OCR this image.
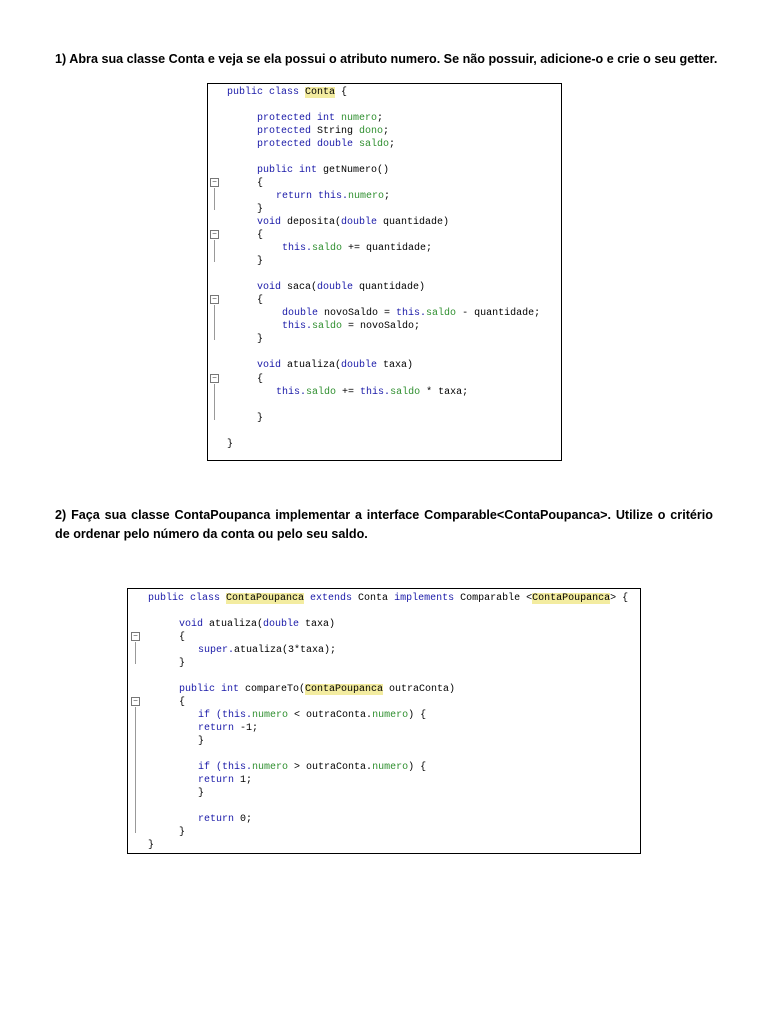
1) Abra sua classe Conta e veja se ela possui o atributo numero. Se não possuir, adicione-o e crie o seu getter.

public class Conta {
protected int numero;
protected String dono;
protected double saldo;
public int getNumero()
−	{
return this.numero;
}
void deposita(double quantidade)
−	{
this.saldo += quantidade;
}
void saca(double quantidade)
−	{
double novoSaldo = this.saldo - quantidade;
this.saldo = novoSaldo;
}
void atualiza(double taxa)
−	{
this.saldo += this.saldo * taxa;
}
}

2) Faça sua classe ContaPoupanca implementar a interface Comparable<ContaPoupanca>. Utilize o critério de ordenar pelo número da conta ou pelo seu saldo.

public class ContaPoupanca extends Conta implements Comparable <ContaPoupanca> {
void atualiza(double taxa)
−	{
super.atualiza(3*taxa);
}
public int compareTo(ContaPoupanca outraConta)
−	{
if (this.numero < outraConta.numero) {
return -1;
}
if (this.numero > outraConta.numero) {
return 1;
}
return 0;
}
}
